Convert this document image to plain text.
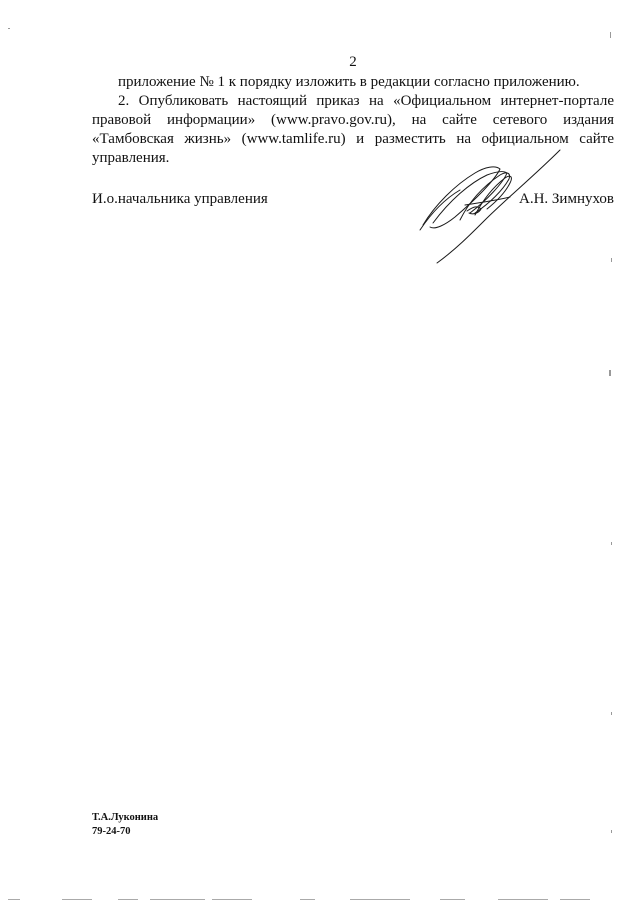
2
приложение № 1 к порядку изложить в редакции согласно приложению.
2. Опубликовать настоящий приказ на «Официальном интернет-портале
правовой информации» (www.pravo.gov.ru), на сайте сетевого издания
«Тамбовская жизнь» (www.tamlife.ru) и разместить на официальном сайте
управления.
И.о.начальника управления	А.Н. Зимнухов
Т.А.Луконина
79-24-70
